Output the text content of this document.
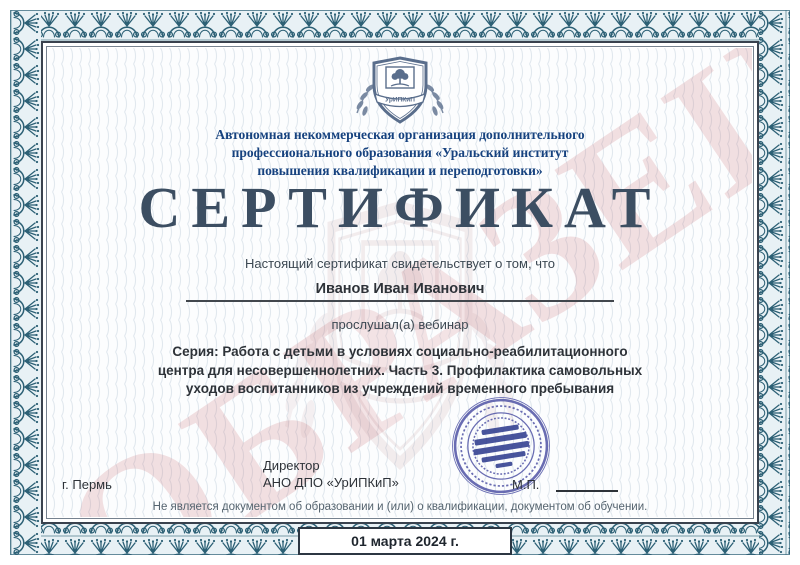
УрИПКиП
Автономная некоммерческая организация дополнительного
профессионального образования «Уральский институт
повышения квалификации и переподготовки»
СЕРТИФИКАТ
Настоящий сертификат свидетельствует о том, что
Иванов Иван Иванович
прослушал(а) вебинар
Серия: Работа с детьми в условиях социально-реабилитационного
центра для несовершеннолетних. Часть 3. Профилактика самовольных
уходов воспитанников из учреждений временного пребывания
Директор
АНО ДПО «УрИПКиП»
г. Пермь	М.П.
Не является документом об образовании и (или) о квалификации, документом об обучении.
01 марта 2024 г.
